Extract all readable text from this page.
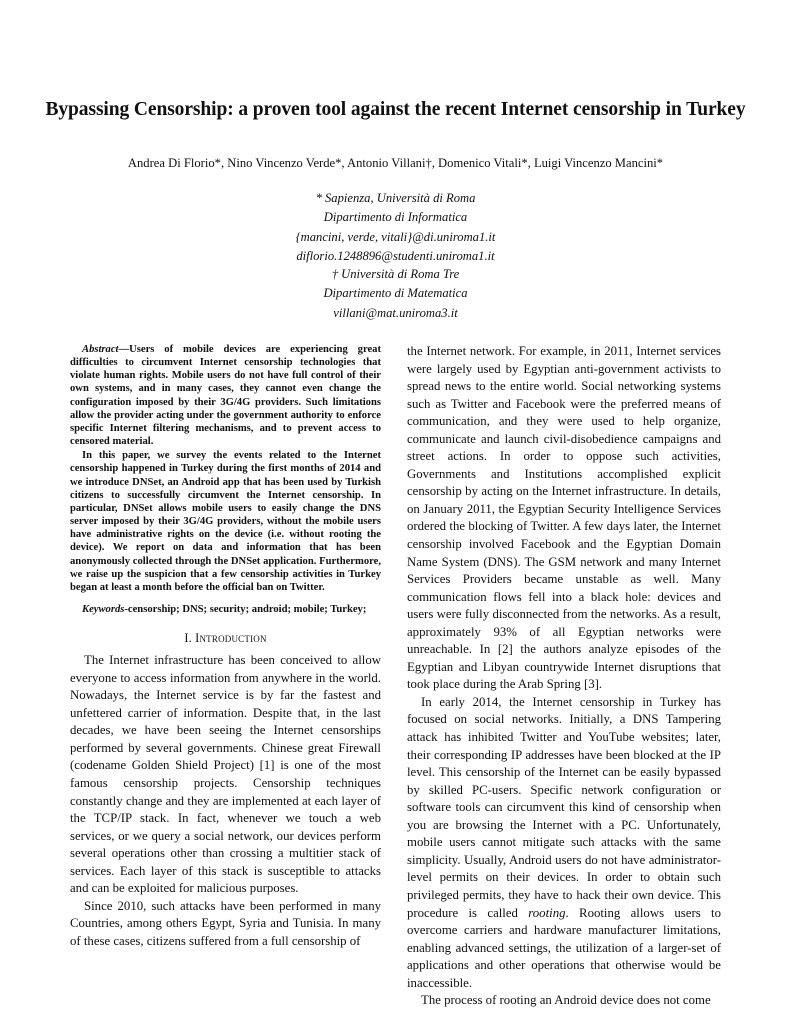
Bypassing Censorship: a proven tool against the recent Internet censorship in Turkey
Andrea Di Florio*, Nino Vincenzo Verde*, Antonio Villani†, Domenico Vitali*, Luigi Vincenzo Mancini*
* Sapienza, Università di Roma
Dipartimento di Informatica
{mancini, verde, vitali}@di.uniroma1.it
diflorio.1248896@studenti.uniroma1.it
† Università di Roma Tre
Dipartimento di Matematica
villani@mat.uniroma3.it

Abstract—Users of mobile devices are experiencing great difficulties to circumvent Internet censorship technologies that violate human rights. Mobile users do not have full control of their own systems, and in many cases, they cannot even change the configuration imposed by their 3G/4G providers. Such limitations allow the provider acting under the government authority to enforce specific Internet filtering mechanisms, and to prevent access to censored material.

In this paper, we survey the events related to the Internet censorship happened in Turkey during the first months of 2014 and we introduce DNSet, an Android app that has been used by Turkish citizens to successfully circumvent the Internet censorship. In particular, DNSet allows mobile users to easily change the DNS server imposed by their 3G/4G providers, without the mobile users have administrative rights on the device (i.e. without rooting the device). We report on data and information that has been anonymously collected through the DNSet application. Furthermore, we raise up the suspicion that a few censorship activities in Turkey began at least a month before the official ban on Twitter.

Keywords-censorship; DNS; security; android; mobile; Turkey;

I. Introduction

The Internet infrastructure has been conceived to allow everyone to access information from anywhere in the world. Nowadays, the Internet service is by far the fastest and unfettered carrier of information. Despite that, in the last decades, we have been seeing the Internet censorships performed by several governments. Chinese great Firewall (codename Golden Shield Project) [1] is one of the most famous censorship projects. Censorship techniques constantly change and they are implemented at each layer of the TCP/IP stack. In fact, whenever we touch a web services, or we query a social network, our devices perform several operations other than crossing a multitier stack of services. Each layer of this stack is susceptible to attacks and can be exploited for malicious purposes.

Since 2010, such attacks have been performed in many Countries, among others Egypt, Syria and Tunisia. In many of these cases, citizens suffered from a full censorship of

the Internet network. For example, in 2011, Internet services were largely used by Egyptian anti-government activists to spread news to the entire world. Social networking systems such as Twitter and Facebook were the preferred means of communication, and they were used to help organize, communicate and launch civil-disobedience campaigns and street actions. In order to oppose such activities, Governments and Institutions accomplished explicit censorship by acting on the Internet infrastructure. In details, on January 2011, the Egyptian Security Intelligence Services ordered the blocking of Twitter. A few days later, the Internet censorship involved Facebook and the Egyptian Domain Name System (DNS). The GSM network and many Internet Services Providers became unstable as well. Many communication flows fell into a black hole: devices and users were fully disconnected from the networks. As a result, approximately 93% of all Egyptian networks were unreachable. In [2] the authors analyze episodes of the Egyptian and Libyan countrywide Internet disruptions that took place during the Arab Spring [3].

In early 2014, the Internet censorship in Turkey has focused on social networks. Initially, a DNS Tampering attack has inhibited Twitter and YouTube websites; later, their corresponding IP addresses have been blocked at the IP level. This censorship of the Internet can be easily bypassed by skilled PC-users. Specific network configuration or software tools can circumvent this kind of censorship when you are browsing the Internet with a PC. Unfortunately, mobile users cannot mitigate such attacks with the same simplicity. Usually, Android users do not have administrator-level permits on their devices. In order to obtain such privileged permits, they have to hack their own device. This procedure is called rooting. Rooting allows users to overcome carriers and hardware manufacturer limitations, enabling advanced settings, the utilization of a larger-set of applications and other operations that otherwise would be inaccessible.

The process of rooting an Android device does not come
